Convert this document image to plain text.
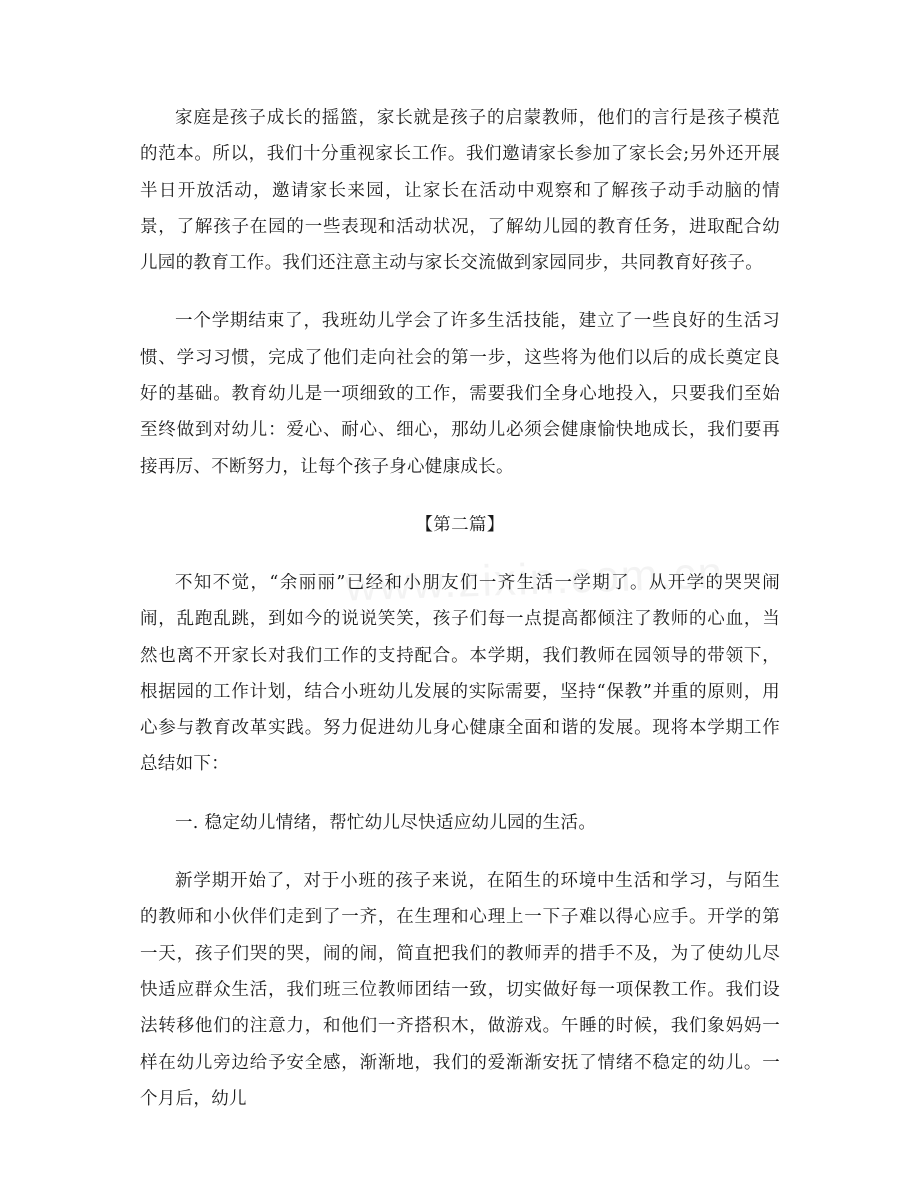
家庭是孩子成长的摇篮，家长就是孩子的启蒙教师，他们的言行是孩子模范的范本。所以，我们十分重视家长工作。我们邀请家长参加了家长会;另外还开展半日开放活动，邀请家长来园，让家长在活动中观察和了解孩子动手动脑的情景，了解孩子在园的一些表现和活动状况，了解幼儿园的教育任务，进取配合幼儿园的教育工作。我们还注意主动与家长交流做到家园同步，共同教育好孩子。

一个学期结束了，我班幼儿学会了许多生活技能，建立了一些良好的生活习惯、学习习惯，完成了他们走向社会的第一步，这些将为他们以后的成长奠定良好的基础。教育幼儿是一项细致的工作，需要我们全身心地投入，只要我们至始至终做到对幼儿：爱心、耐心、细心，那幼儿必须会健康愉快地成长，我们要再接再厉、不断努力，让每个孩子身心健康成长。

【第二篇】

不知不觉，“余丽丽”已经和小朋友们一齐生活一学期了。从开学的哭哭闹闹，乱跑乱跳，到如今的说说笑笑，孩子们每一点提高都倾注了教师的心血，当然也离不开家长对我们工作的支持配合。本学期，我们教师在园领导的带领下，根据园的工作计划，结合小班幼儿发展的实际需要，坚持“保教”并重的原则，用心参与教育改革实践。努力促进幼儿身心健康全面和谐的发展。现将本学期工作总结如下：

一. 稳定幼儿情绪，帮忙幼儿尽快适应幼儿园的生活。

新学期开始了，对于小班的孩子来说，在陌生的环境中生活和学习，与陌生的教师和小伙伴们走到了一齐，在生理和心理上一下子难以得心应手。开学的第一天，孩子们哭的哭，闹的闹，简直把我们的教师弄的措手不及，为了使幼儿尽快适应群众生活，我们班三位教师团结一致，切实做好每一项保教工作。我们设法转移他们的注意力，和他们一齐搭积木，做游戏。午睡的时候，我们象妈妈一样在幼儿旁边给予安全感，渐渐地，我们的爱渐渐安抚了情绪不稳定的幼儿。一个月后，幼儿
